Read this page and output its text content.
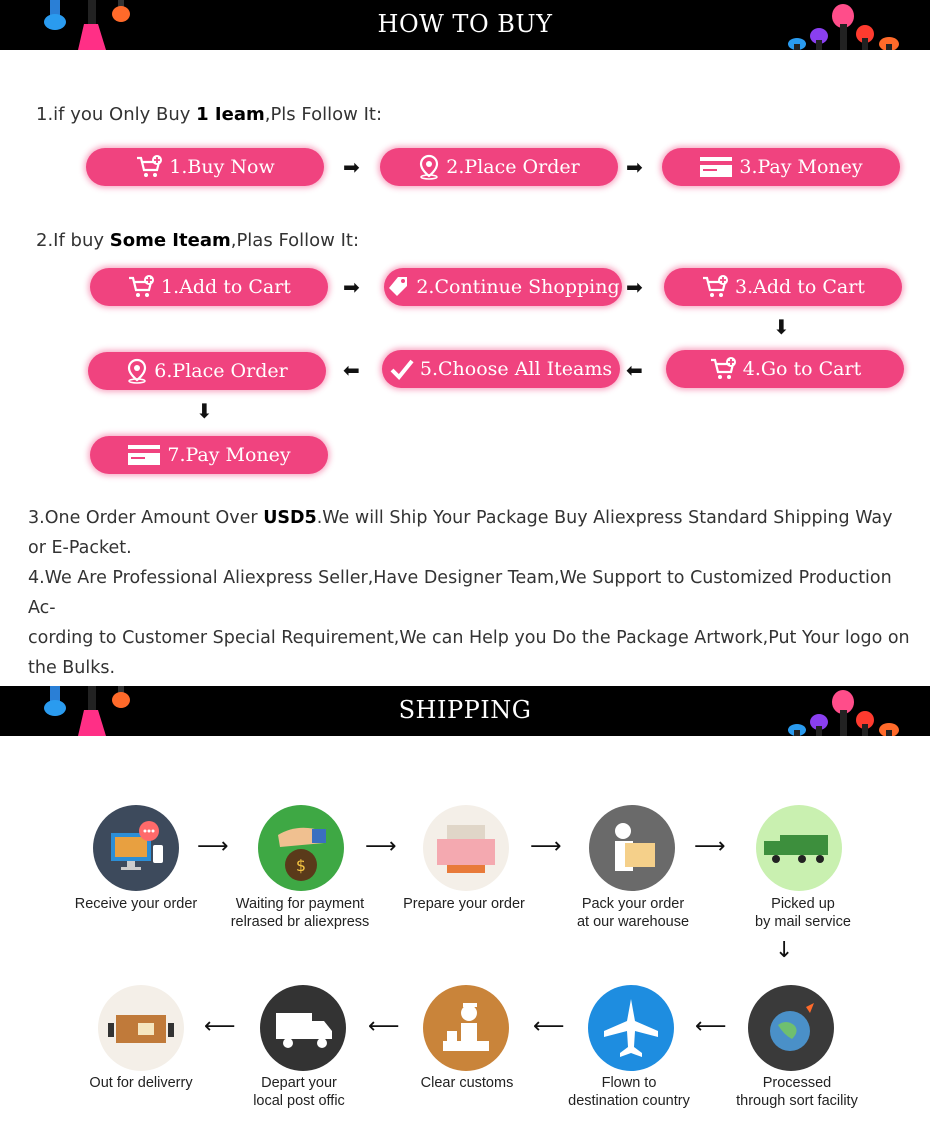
HOW TO BUY
1.if you Only Buy 1 Ieam,Pls Follow It:
1.Buy Now	➡	2.Place Order ➡	3.Pay Money
2.If buy Some Iteam,Plas Follow It:
1.Add to Cart	➡	2.Continue Shopping ➡	3.Add to Cart
⬇
6.Place Order	⬅	5.Choose All Iteams ⬅	4.Go to Cart
⬇
7.Pay Money
3.One Order Amount Over USD5.We will Ship Your Package Buy Aliexpress Standard Shipping Way
or E-Packet.
4.We Are Professional Aliexpress Seller,Have Designer Team,We Support to Customized Production Ac-
cording to Customer Special Requirement,We can Help you Do the Package Artwork,Put Your logo on
the Bulks.
SHIPPING
Receive your order
⟶
$
Waiting for payment
relrased br aliexpress
⟶
Prepare your order
⟶
Pack your order
at our warehouse
⟶
Picked up
by mail service
↓
Out for deliverry
⟵
Depart your
local post offic
⟵
Clear customs
⟵
Flown to
destination country
⟵
Processed
through sort facility
